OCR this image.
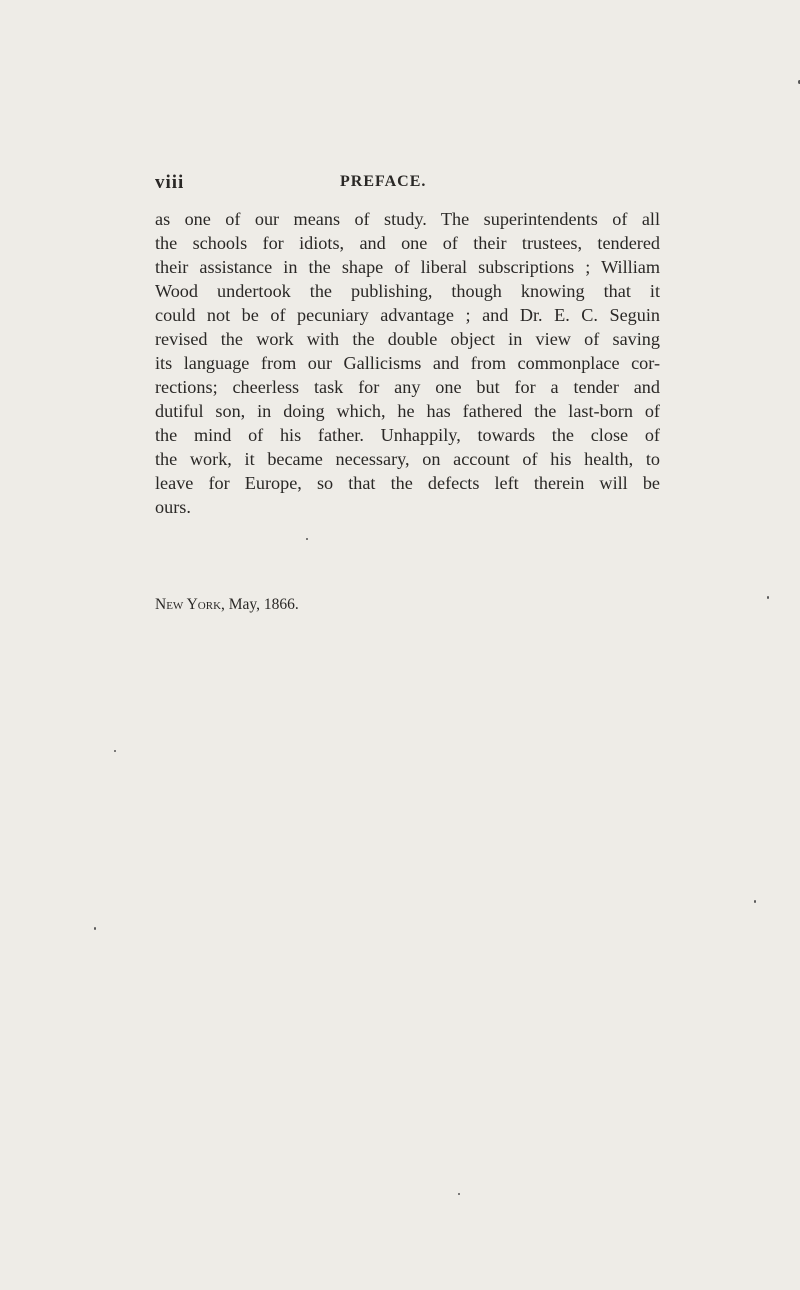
viii	PREFACE.
as one of our means of study. The superintendents of all
the schools for idiots, and one of their trustees, tendered
their assistance in the shape of liberal subscriptions ; William
Wood undertook the publishing, though knowing that it
could not be of pecuniary advantage ; and Dr. E. C. Seguin
revised the work with the double object in view of saving
its language from our Gallicisms and from commonplace cor-
rections; cheerless task for any one but for a tender and
dutiful son, in doing which, he has fathered the last-born of
the mind of his father. Unhappily, towards the close of
the work, it became necessary, on account of his health, to
leave for Europe, so that the defects left therein will be
ours.
New York, May, 1866.
